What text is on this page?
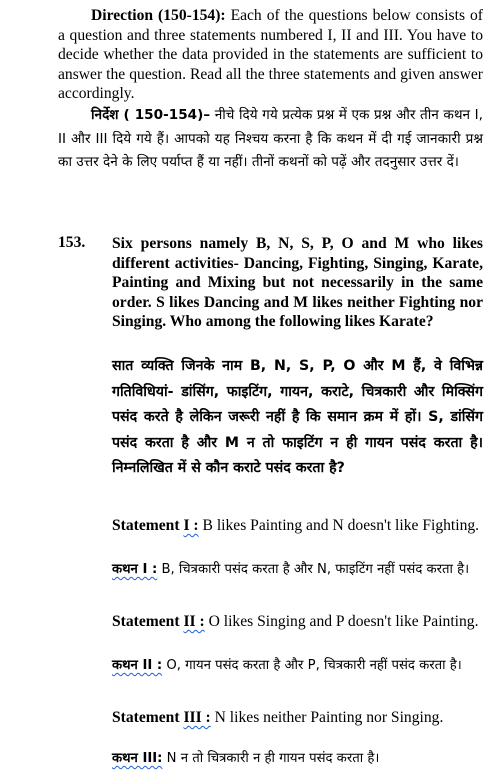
Direction (150-154): Each of the questions below consists of a question and three statements numbered I, II and III. You have to decide whether the data provided in the statements are sufficient to answer the question. Read all the three statements and given answer accordingly.

निर्देश ( 150-154)– नीचे दिये गये प्रत्येक प्रश्न में एक प्रश्न और तीन कथन I, II और III दिये गये हैं। आपको यह निश्चय करना है कि कथन में दी गई जानकारी प्रश्न का उत्तर देने के लिए पर्याप्त हैं या नहीं। तीनों कथनों को पढ़ें और तदनुसार उत्तर दें।

153. Six persons namely B, N, S, P, O and M who likes different activities- Dancing, Fighting, Singing, Karate, Painting and Mixing but not necessarily in the same order. S likes Dancing and M likes neither Fighting nor Singing. Who among the following likes Karate?

सात व्यक्ति जिनके नाम B, N, S, P, O और M हैं, वे विभिन्न गतिविधियां- डांसिंग, फाइटिंग, गायन, कराटे, चित्रकारी और मिक्सिंग पसंद करते है लेकिन जरूरी नहीं है कि समान क्रम में हों। S, डांसिंग पसंद करता है और M न तो फाइटिंग न ही गायन पसंद करता है। निम्नलिखित में से कौन कराटे पसंद करता है?

Statement I : B likes Painting and N doesn't like Fighting.

कथन I : B, चित्रकारी पसंद करता है और N, फाइटिंग नहीं पसंद करता है।

Statement II : O likes Singing and P doesn't like Painting.

कथन II : O, गायन पसंद करता है और P, चित्रकारी नहीं पसंद करता है।

Statement III : N likes neither Painting nor Singing.

कथन III: N न तो चित्रकारी न ही गायन पसंद करता है।
